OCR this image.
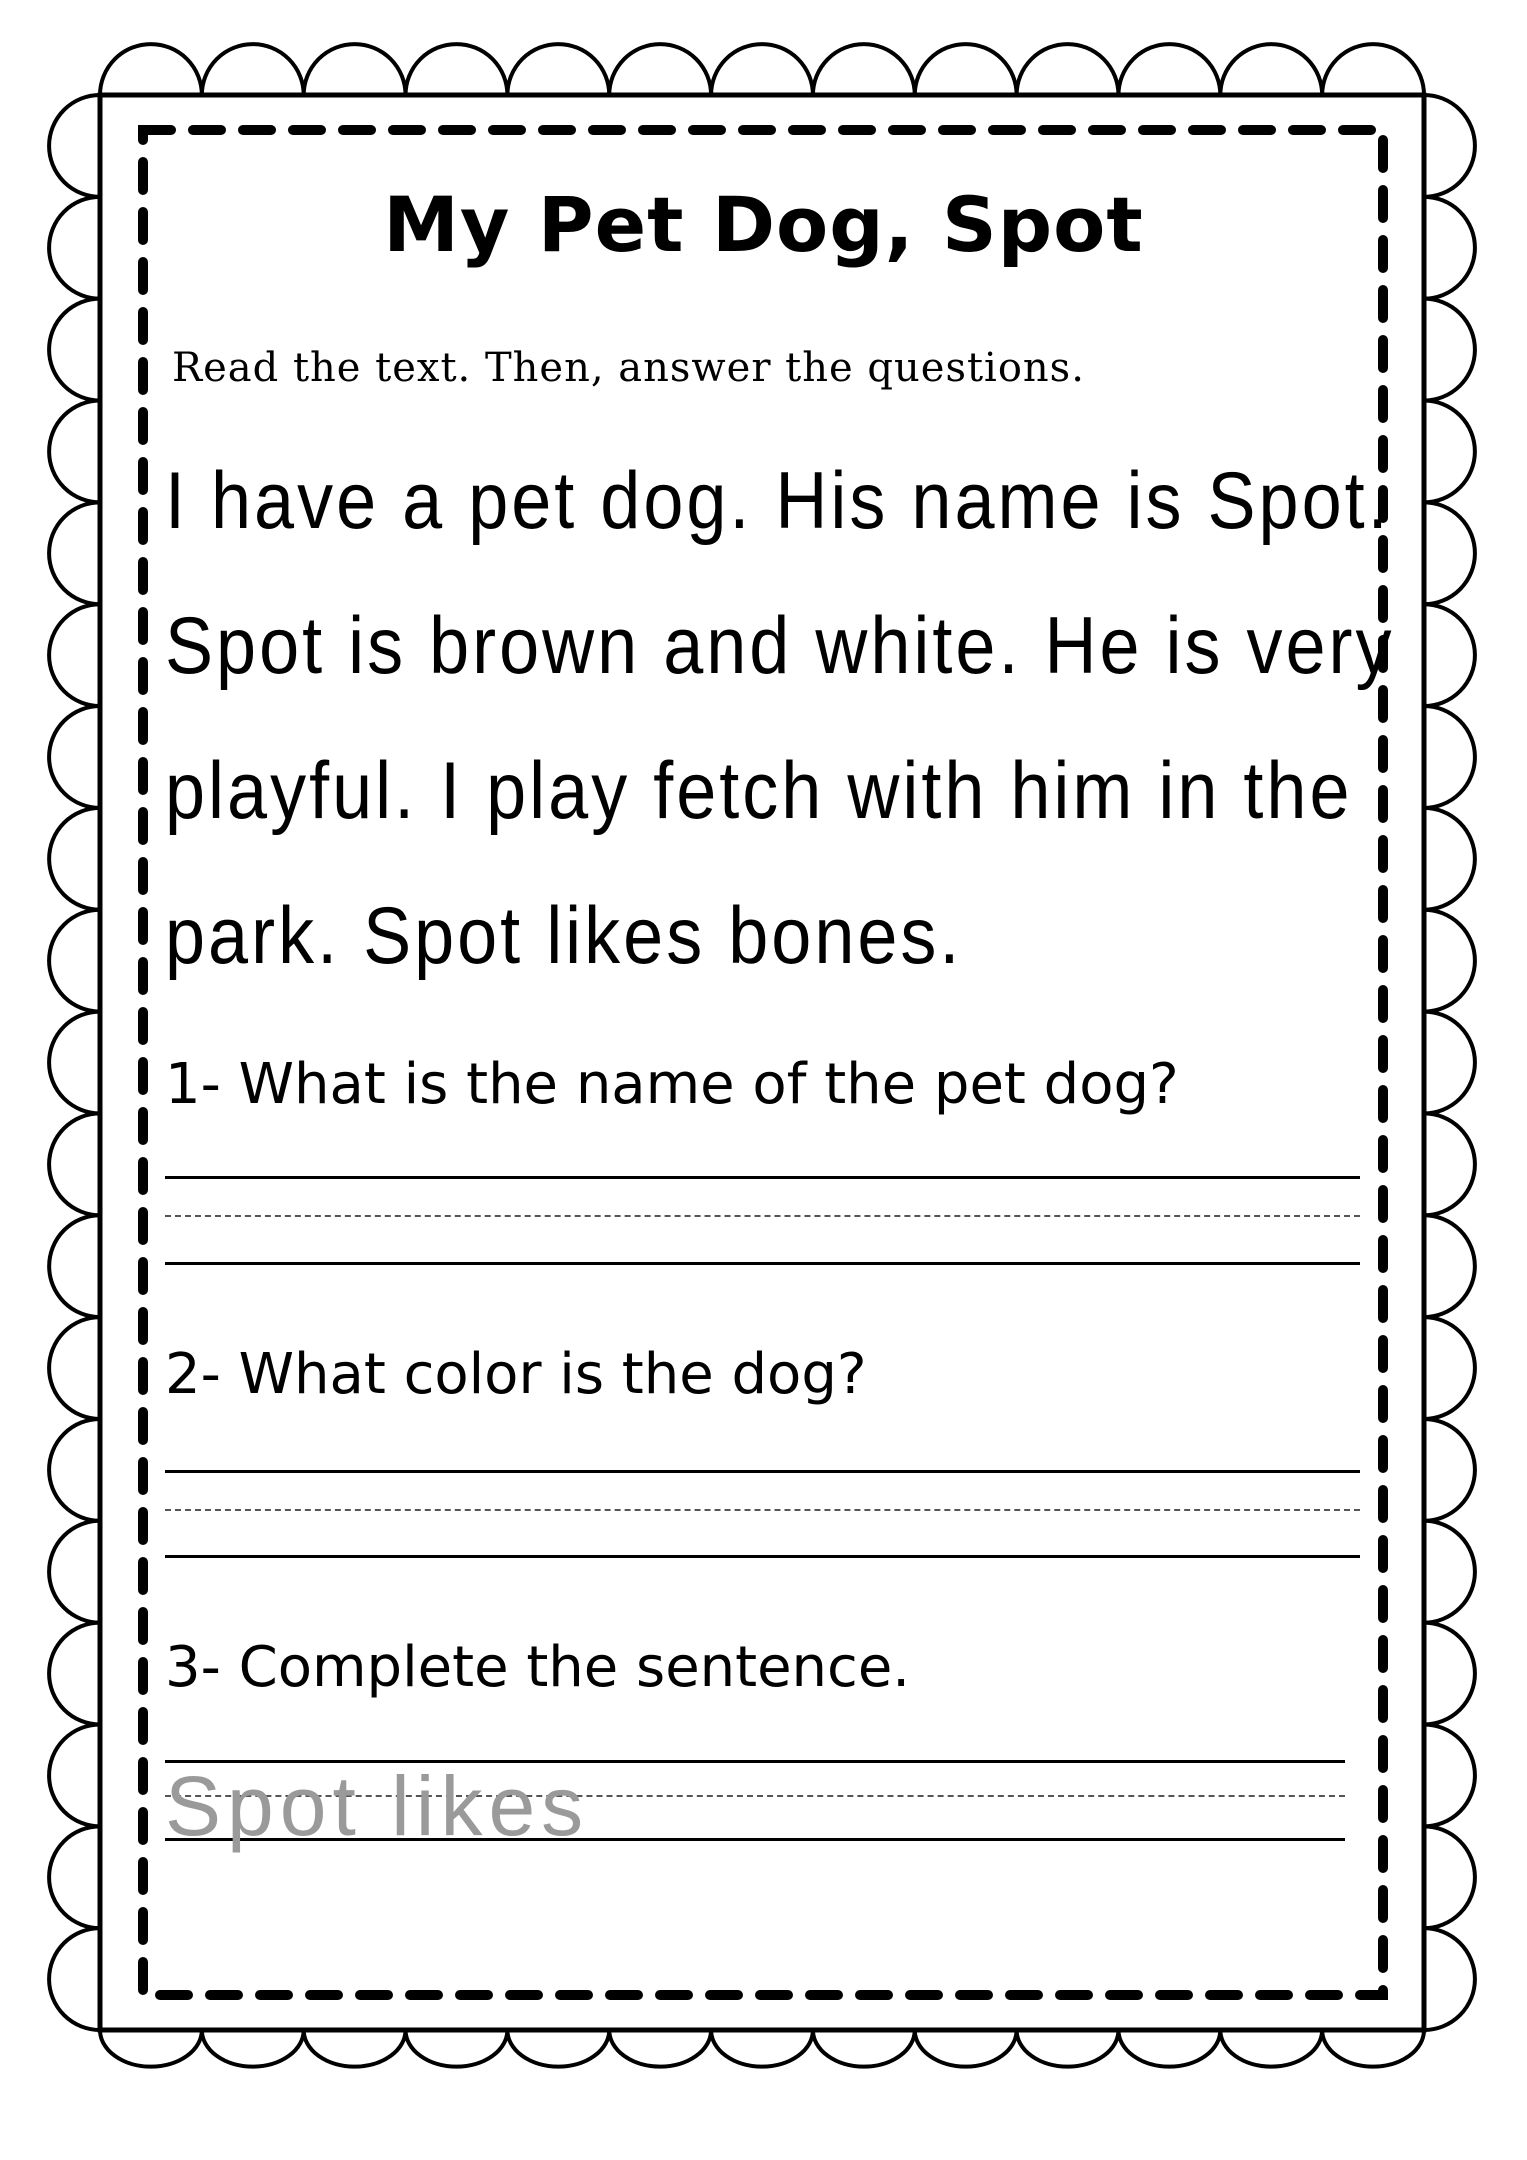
My Pet Dog, Spot
Read the text. Then, answer the questions.
I have a pet dog. His name is Spot.
Spot is brown and white. He is very
playful. I play fetch with him in the
park. Spot likes bones.
1- What is the name of the pet dog?
2- What color is the dog?
3- Complete the sentence.
Spot likes
